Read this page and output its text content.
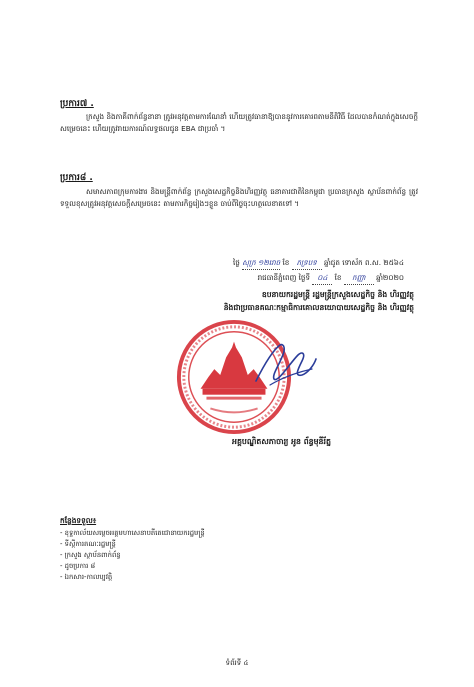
ប្រការ៧ .

ក្រសួង និងភាគីពាក់ព័ន្ធនានា ត្រូវអនុវត្តតាមការណែនាំ ហើយត្រូវធានាឱ្យបាននូវការគោរពតាមនីតិវិធី ដែលបានកំណត់ក្នុងសេចក្ដីសម្រេចនេះ ហើយត្រូវរាយការណ៍លទ្ធផលជូន EBA ជាប្រចាំ ។

ប្រការ៨ .

សមាសភាពក្រុមការងារ និងមន្ត្រីពាក់ព័ន្ធ ក្រសួងសេដ្ឋកិច្ចនិងហិរញ្ញវត្ថុ ធនាគារជាតិនៃកម្ពុជា ប្រធានក្រសួង ស្ថាប័នពាក់ព័ន្ធ ត្រូវទទួលខុសត្រូវអនុវត្តសេចក្ដីសម្រេចនេះ តាមភារកិច្ចរៀងៗខ្លួន ចាប់ពីថ្ងៃចុះហត្ថលេខាតទៅ ។

ថ្ងៃ សុក្រ ១២រោច ខែ ភទ្របទ ឆ្នាំជូត ទោស័ក ព.ស. ២៥៦៤
រាជធានីភ្នំពេញ ថ្ងៃទី ០៤ ខែ កញ្ញា ឆ្នាំ២០២០
ឧបនាយករដ្ឋមន្ត្រី រដ្ឋមន្ត្រីក្រសួងសេដ្ឋកិច្ច និង ហិរញ្ញវត្ថុ
និងជាប្រធានគណៈកម្មាធិការគោលនយោបាយសេដ្ឋកិច្ច និង ហិរញ្ញវត្ថុ
អគ្គបណ្ឌិតសភាចារ្យ អូន ព័ន្ធមុនីរ័ត្ន
កន្លែងទទួល៖
- ខុទ្ទកាល័យសម្ដេចអគ្គមហាសេនាបតីតេជោនាយករដ្ឋមន្ត្រី
- ទីស្ដីការគណៈរដ្ឋមន្ត្រី
- ក្រសួង ស្ថាប័នពាក់ព័ន្ធ
- ដូចប្រការ ៨
- ឯកសារ-កាលប្បវត្តិ
ទំព័រទី ៤
